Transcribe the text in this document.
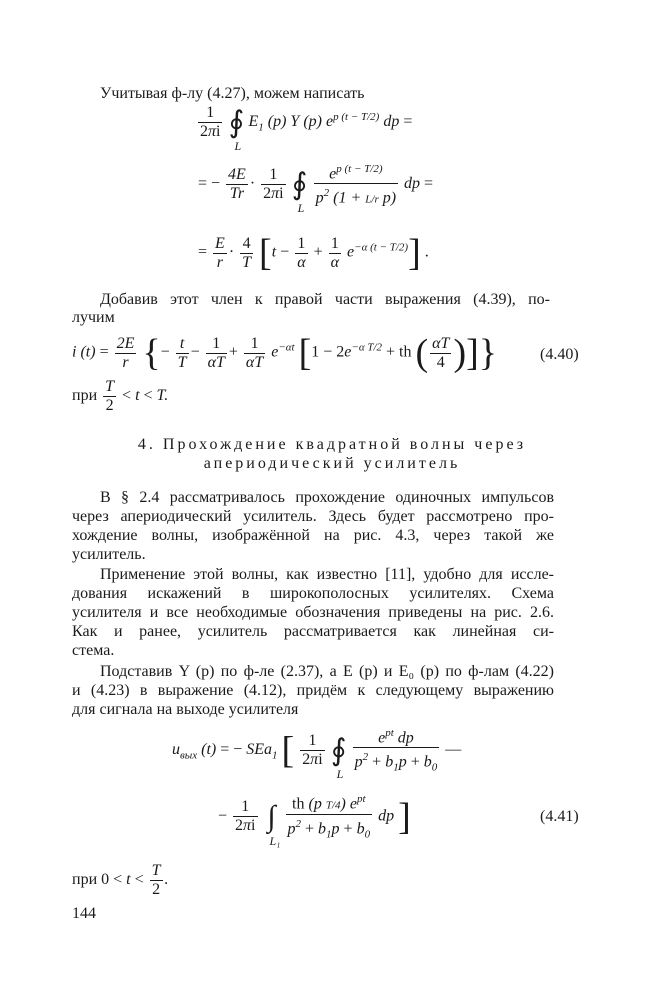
Учитывая ф-лу (4.27), можем написать
$\frac{1}{2\pi i}$ ∮
L
$E_1$ (p) Y (p) $e^{p (t - T/2)}$ dp =
= − $\frac{4E}{Tr} \cdot \frac{1}{2\pi i}$ ∮
L
$\frac{e^{p (t - T/2)}}{p^2 (1 + L/r p)}$ dp =
= $\frac{E}{r} \cdot \frac{4}{T} [t - \frac{1}{\alpha} + \frac{1}{\alpha} e^{-\alpha (t - T/2)}]$ .
Добавив этот член к правой части выражения (4.39), по-
лучим
i $(t) = \frac{2E}{r}$ {− $\frac{t}{T} - \frac{1}{\alpha T} + \frac{1}{\alpha T} e^{-\alpha t}$ [$1 - 2e^{-\alpha T/2}$ + th ( $\frac{\alpha T}{4}$ )]}	(4.40)
при $\frac{T}{2} < t < T$.
4. Прохождение квадратной волны через
апериодический усилитель
В § 2.4 рассматривалось прохождение одиночных импульсов
через апериодический усилитель. Здесь будет рассмотрено про-
хождение волны, изображённой на рис. 4.3, через такой же
усилитель.
Применение этой волны, как известно [11], удобно для иссле-
дования искажений в широкополосных усилителях. Схема
усилителя и все необходимые обозначения приведены на рис. 2.6.
Как и ранее, усилитель рассматривается как линейная си-
стема.
Подставив Y (p) по ф-ле (2.37), а E (p) и E₀ (p) по ф-лам (4.22)
и (4.23) в выражение (4.12), придём к следующему выражению
для сигнала на выходе усилителя
$u_{вых}$ (t) = − SEa$_1$ [ $\frac{1}{2\pi i}$ ∮
L
$\frac{e^{pt} dp}{p^2 + b_1p + b_0}$ —
− $\frac{1}{2\pi i}$ ∫
L₁
$\frac{th (p T/4) e^{pt}}{p^2 + b_1p + b_0}$ dp ]	(4.41)
при $0 < t < \frac{T}{2}$ .
144
